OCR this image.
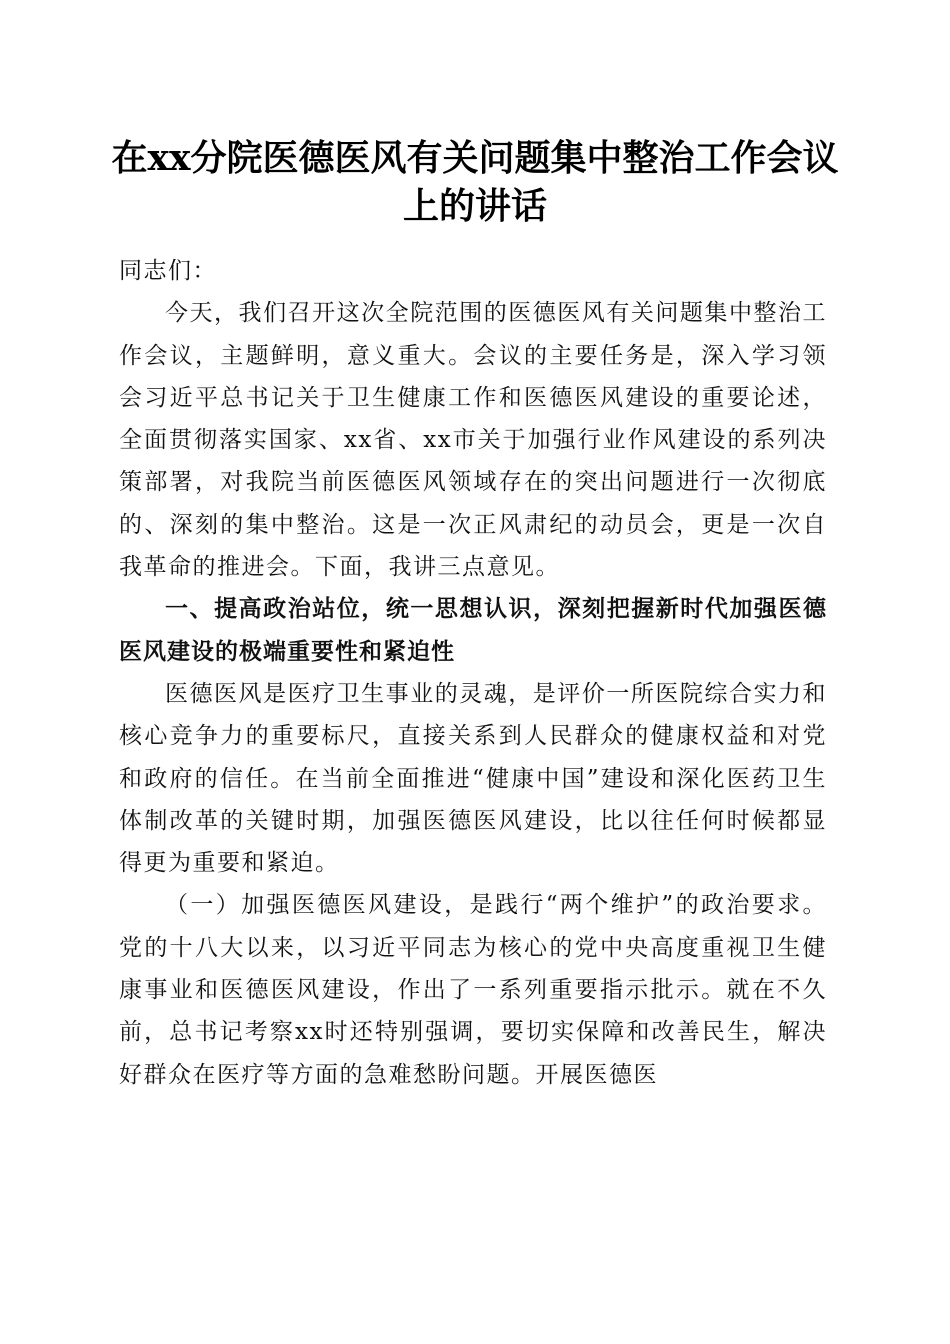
在xx分院医德医风有关问题集中整治工作会议上的讲话

同志们：

今天，我们召开这次全院范围的医德医风有关问题集中整治工作会议，主题鲜明，意义重大。会议的主要任务是，深入学习领会习近平总书记关于卫生健康工作和医德医风建设的重要论述，全面贯彻落实国家、xx省、xx市关于加强行业作风建设的系列决策部署，对我院当前医德医风领域存在的突出问题进行一次彻底的、深刻的集中整治。这是一次正风肃纪的动员会，更是一次自我革命的推进会。下面，我讲三点意见。

一、提高政治站位，统一思想认识，深刻把握新时代加强医德医风建设的极端重要性和紧迫性

医德医风是医疗卫生事业的灵魂，是评价一所医院综合实力和核心竞争力的重要标尺，直接关系到人民群众的健康权益和对党和政府的信任。在当前全面推进“健康中国”建设和深化医药卫生体制改革的关键时期，加强医德医风建设，比以往任何时候都显得更为重要和紧迫。

（一）加强医德医风建设，是践行“两个维护”的政治要求。党的十八大以来，以习近平同志为核心的党中央高度重视卫生健康事业和医德医风建设，作出了一系列重要指示批示。就在不久前，总书记考察xx时还特别强调，要切实保障和改善民生，解决好群众在医疗等方面的急难愁盼问题。开展医德医
